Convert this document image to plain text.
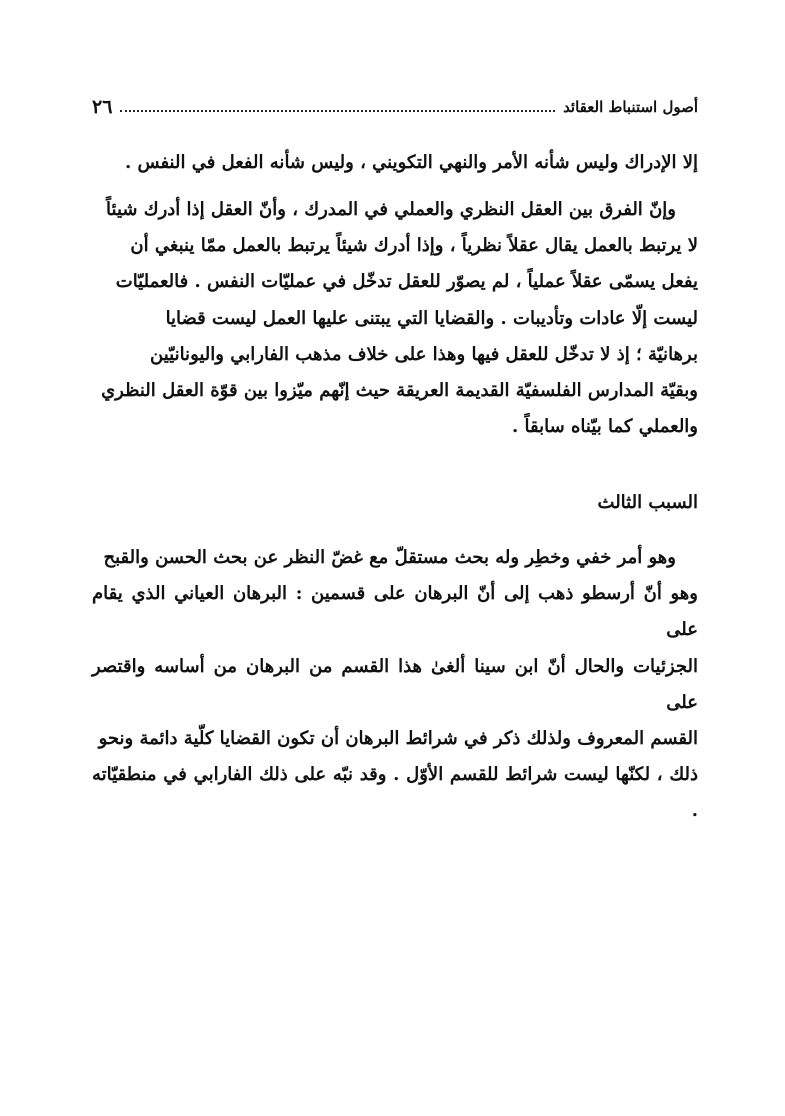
أصول استنباط العقائد
٢٦
إلا الإدراك وليس شأنه الأمر والنهي التكويني ، وليس شأنه الفعل في النفس .
وإنّ الفرق بين العقل النظري والعملي في المدرك ، وأنّ العقل إذا أدرك شيئاً
لا يرتبط بالعمل يقال عقلاً نظرياً ، وإذا أدرك شيئاً يرتبط بالعمل ممّا ينبغي أن
يفعل يسمّى عقلاً عملياً ، لم يصوّر للعقل تدخّل في عمليّات النفس . فالعمليّات
ليست إلّا عادات وتأديبات . والقضايا التي يبتنى عليها العمل ليست قضايا
برهانيّة ؛ إذ لا تدخّل للعقل فيها وهذا على خلاف مذهب الفارابي واليونانيّين
وبقيّة المدارس الفلسفيّة القديمة العريقة حيث إنّهم ميّزوا بين قوّة العقل النظري
والعملي كما بيّناه سابقاً .
السبب الثالث
وهو أمر خفي وخطِر وله بحث مستقلّ مع غضّ النظر عن بحث الحسن والقبح
وهو أنّ أرسطو ذهب إلى أنّ البرهان على قسمين : البرهان العياني الذي يقام على
الجزئيات والحال أنّ ابن سينا ألغىٰ هذا القسم من البرهان من أساسه واقتصر على
القسم المعروف ولذلك ذكر في شرائط البرهان أن تكون القضايا كلّية دائمة ونحو
ذلك ، لكنّها ليست شرائط للقسم الأوّل . وقد نبّه على ذلك الفارابي في منطقيّاته .
